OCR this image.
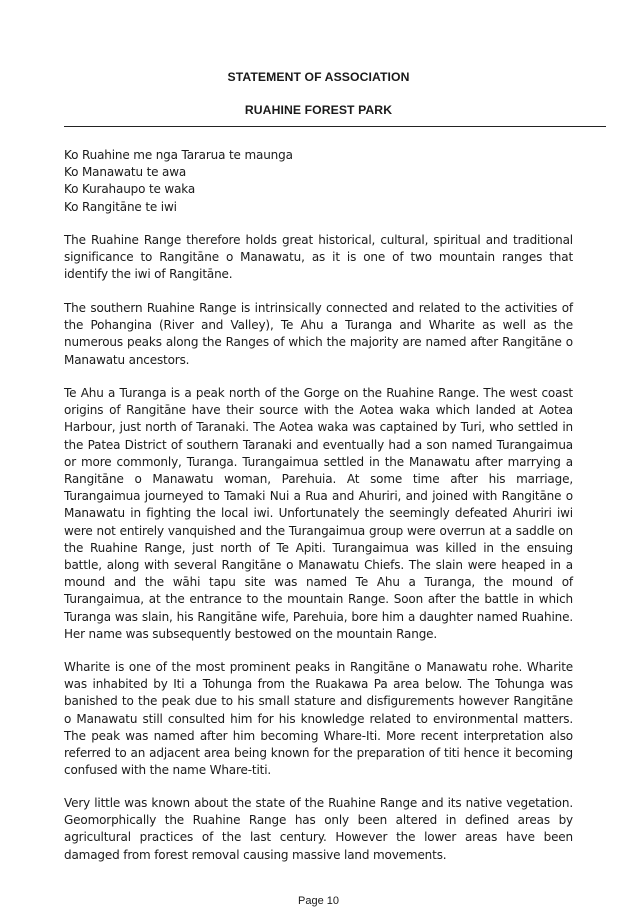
STATEMENT OF ASSOCIATION
RUAHINE FOREST PARK
Ko Ruahine me nga Tararua te maunga
Ko Manawatu te awa
Ko Kurahaupo te waka
Ko Rangitāne te iwi

The Ruahine Range therefore holds great historical, cultural, spiritual and traditional significance to Rangitāne o Manawatu, as it is one of two mountain ranges that identify the iwi of Rangitāne.

The southern Ruahine Range is intrinsically connected and related to the activities of the Pohangina (River and Valley), Te Ahu a Turanga and Wharite as well as the numerous peaks along the Ranges of which the majority are named after Rangitāne o Manawatu ancestors.

Te Ahu a Turanga is a peak north of the Gorge on the Ruahine Range. The west coast origins of Rangitāne have their source with the Aotea waka which landed at Aotea Harbour, just north of Taranaki. The Aotea waka was captained by Turi, who settled in the Patea District of southern Taranaki and eventually had a son named Turangaimua or more commonly, Turanga. Turangaimua settled in the Manawatu after marrying a Rangitāne o Manawatu woman, Parehuia. At some time after his marriage, Turangaimua journeyed to Tamaki Nui a Rua and Ahuriri, and joined with Rangitāne o Manawatu in fighting the local iwi. Unfortunately the seemingly defeated Ahuriri iwi were not entirely vanquished and the Turangaimua group were overrun at a saddle on the Ruahine Range, just north of Te Apiti. Turangaimua was killed in the ensuing battle, along with several Rangitāne o Manawatu Chiefs. The slain were heaped in a mound and the wāhi tapu site was named Te Ahu a Turanga, the mound of Turangaimua, at the entrance to the mountain Range. Soon after the battle in which Turanga was slain, his Rangitāne wife, Parehuia, bore him a daughter named Ruahine. Her name was subsequently bestowed on the mountain Range.

Wharite is one of the most prominent peaks in Rangitāne o Manawatu rohe. Wharite was inhabited by Iti a Tohunga from the Ruakawa Pa area below. The Tohunga was banished to the peak due to his small stature and disfigurements however Rangitāne o Manawatu still consulted him for his knowledge related to environmental matters. The peak was named after him becoming Whare-Iti. More recent interpretation also referred to an adjacent area being known for the preparation of titi hence it becoming confused with the name Whare-titi.

Very little was known about the state of the Ruahine Range and its native vegetation. Geomorphically the Ruahine Range has only been altered in defined areas by agricultural practices of the last century. However the lower areas have been damaged from forest removal causing massive land movements.

Page 10
